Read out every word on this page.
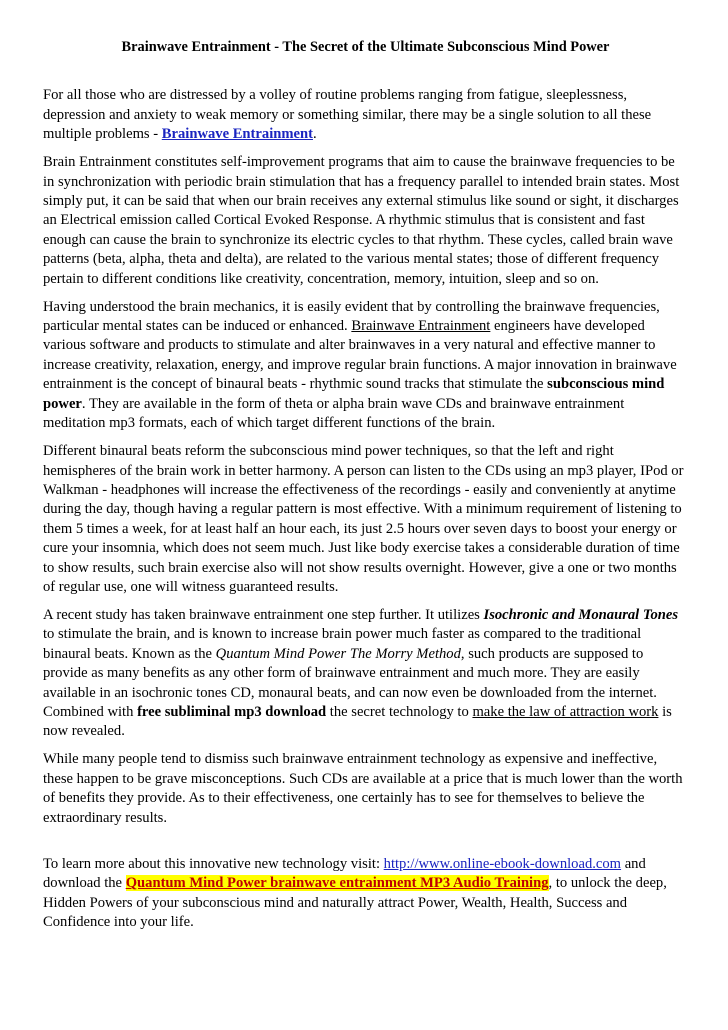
Brainwave Entrainment - The Secret of the Ultimate Subconscious Mind Power

For all those who are distressed by a volley of routine problems ranging from fatigue, sleeplessness, depression and anxiety to weak memory or something similar, there may be a single solution to all these multiple problems - Brainwave Entrainment.

Brain Entrainment constitutes self-improvement programs that aim to cause the brainwave frequencies to be in synchronization with periodic brain stimulation that has a frequency parallel to intended brain states. Most simply put, it can be said that when our brain receives any external stimulus like sound or sight, it discharges an Electrical emission called Cortical Evoked Response. A rhythmic stimulus that is consistent and fast enough can cause the brain to synchronize its electric cycles to that rhythm. These cycles, called brain wave patterns (beta, alpha, theta and delta), are related to the various mental states; those of different frequency pertain to different conditions like creativity, concentration, memory, intuition, sleep and so on.

Having understood the brain mechanics, it is easily evident that by controlling the brainwave frequencies, particular mental states can be induced or enhanced. Brainwave Entrainment engineers have developed various software and products to stimulate and alter brainwaves in a very natural and effective manner to increase creativity, relaxation, energy, and improve regular brain functions. A major innovation in brainwave entrainment is the concept of binaural beats - rhythmic sound tracks that stimulate the subconscious mind power. They are available in the form of theta or alpha brain wave CDs and brainwave entrainment meditation mp3 formats, each of which target different functions of the brain.

Different binaural beats reform the subconscious mind power techniques, so that the left and right hemispheres of the brain work in better harmony. A person can listen to the CDs using an mp3 player, IPod or Walkman - headphones will increase the effectiveness of the recordings - easily and conveniently at anytime during the day, though having a regular pattern is most effective. With a minimum requirement of listening to them 5 times a week, for at least half an hour each, its just 2.5 hours over seven days to boost your energy or cure your insomnia, which does not seem much. Just like body exercise takes a considerable duration of time to show results, such brain exercise also will not show results overnight. However, give a one or two months of regular use, one will witness guaranteed results.

A recent study has taken brainwave entrainment one step further. It utilizes Isochronic and Monaural Tones to stimulate the brain, and is known to increase brain power much faster as compared to the traditional binaural beats. Known as the Quantum Mind Power The Morry Method, such products are supposed to provide as many benefits as any other form of brainwave entrainment and much more. They are easily available in an isochronic tones CD, monaural beats, and can now even be downloaded from the internet. Combined with free subliminal mp3 download the secret technology to make the law of attraction work is now revealed.

While many people tend to dismiss such brainwave entrainment technology as expensive and ineffective, these happen to be grave misconceptions. Such CDs are available at a price that is much lower than the worth of benefits they provide. As to their effectiveness, one certainly has to see for themselves to believe the extraordinary results.

To learn more about this innovative new technology visit: http://www.online-ebook-download.com and download the Quantum Mind Power brainwave entrainment MP3 Audio Training, to unlock the deep, Hidden Powers of your subconscious mind and naturally attract Power, Wealth, Health, Success and Confidence into your life.
